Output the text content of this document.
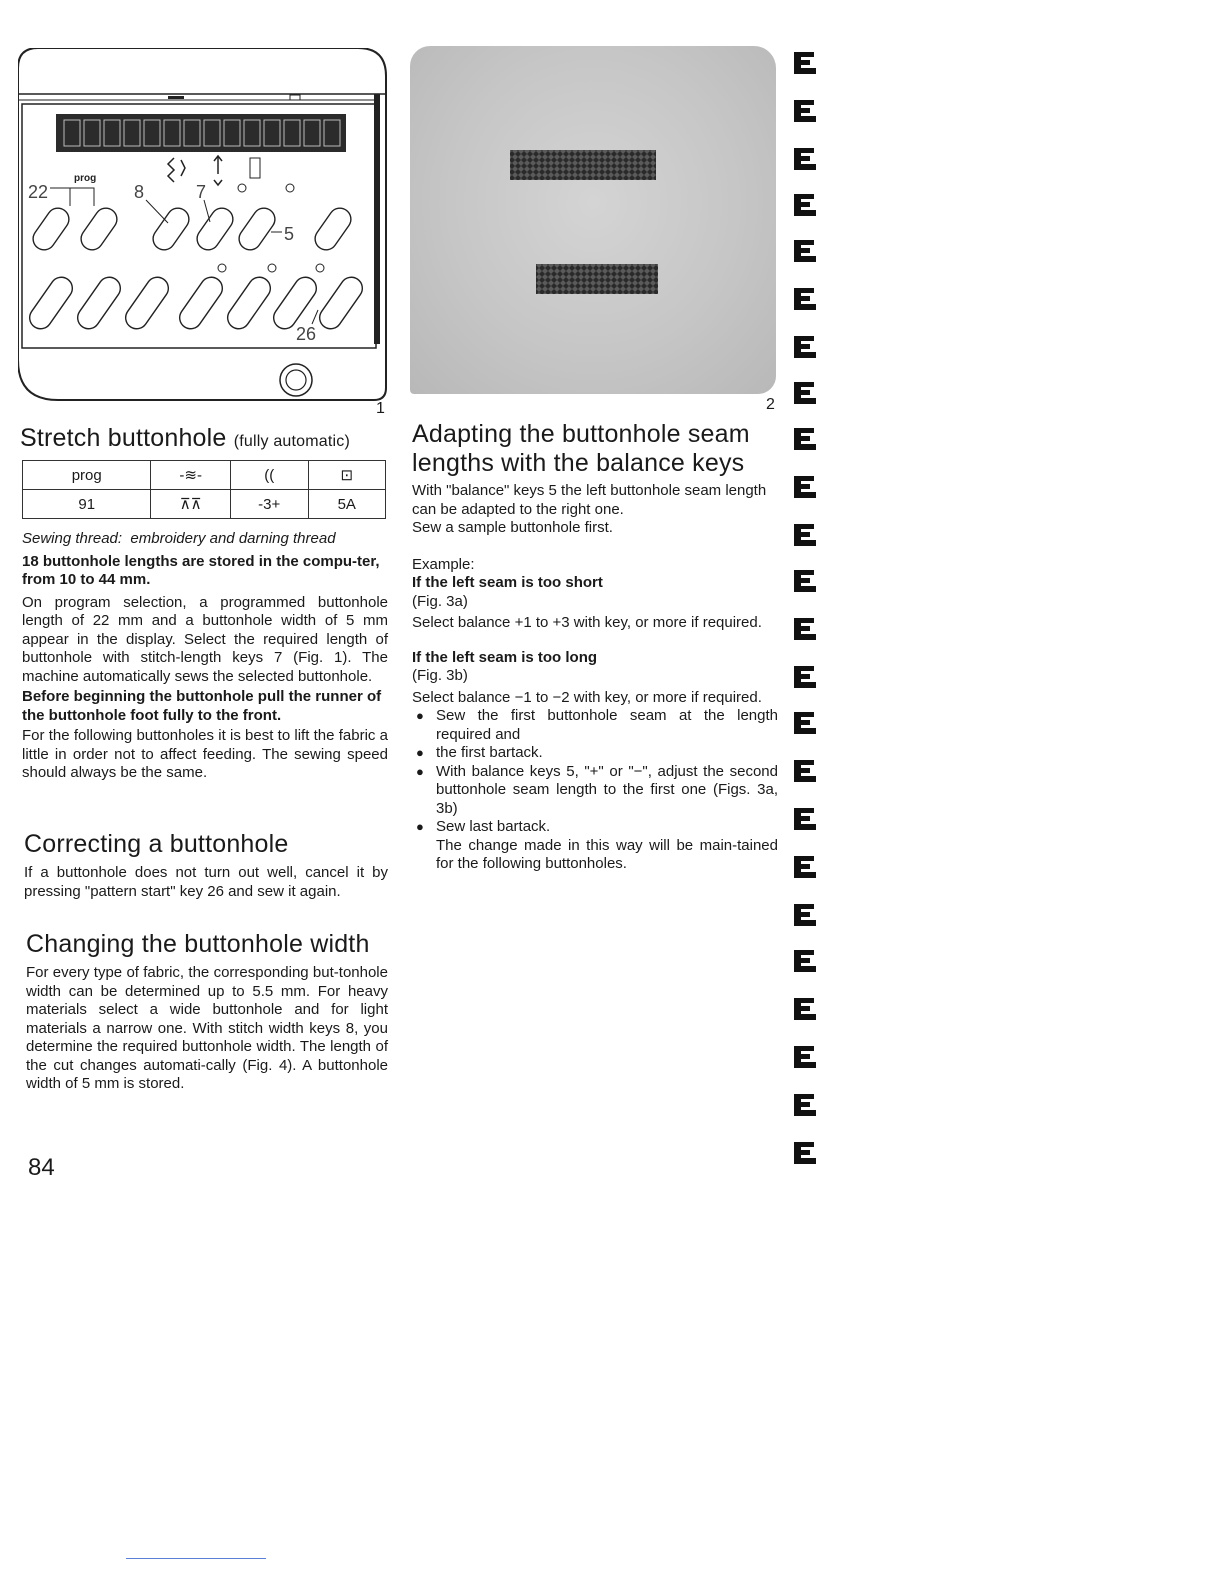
prog
22	8	7
5
26
1	2
Stretch buttonhole (fully automatic)
prog	-≋-	((	⊡
91	⊼⊼	-3+	5A

Sewing thread: embroidery and darning thread

18 buttonhole lengths are stored in the compu-ter, from 10 to 44 mm.

On program selection, a programmed buttonhole length of 22 mm and a buttonhole width of 5 mm appear in the display. Select the required length of buttonhole with stitch-length keys 7 (Fig. 1). The machine automatically sews the selected buttonhole.

Before beginning the buttonhole pull the runner of the buttonhole foot fully to the front.

For the following buttonholes it is best to lift the fabric a little in order not to affect feeding. The sewing speed should always be the same.

Correcting a buttonhole

If a buttonhole does not turn out well, cancel it by pressing "pattern start" key 26 and sew it again.

Changing the buttonhole width

For every type of fabric, the corresponding but-tonhole width can be determined up to 5.5 mm. For heavy materials select a wide buttonhole and for light materials a narrow one. With stitch width keys 8, you determine the required buttonhole width. The length of the cut changes automati-cally (Fig. 4). A buttonhole width of 5 mm is stored.

84
Adapting the buttonhole seam
lengths with the balance keys

With "balance" keys 5 the left buttonhole seam length can be adapted to the right one.

Sew a sample buttonhole first.

Example:

If the left seam is too short

(Fig. 3a)

Select balance +1 to +3 with key, or more if required.

If the left seam is too long

(Fig. 3b)

Select balance −1 to −2 with key, or more if required.

● Sew the first buttonhole seam at the length required and
● the first bartack.
● With balance keys 5, "+" or "−", adjust the second buttonhole seam length to the first one (Figs. 3a, 3b)
● Sew last bartack.

The change made in this way will be main-tained for the following buttonholes.
